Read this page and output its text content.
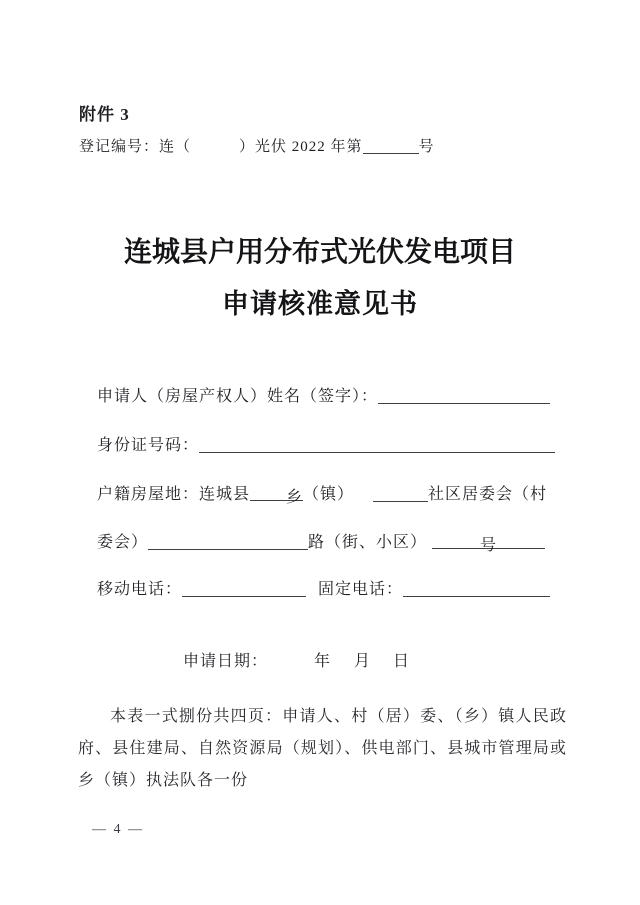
附件 3
登记编号：连（	）光伏 2022 年第	号
连城县户用分布式光伏发电项目
申请核准意见书
申请人（房屋产权人）姓名（签字）：
身份证号码：
户籍房屋地：连城县 乡（镇）	社区居委会（村
委会）	路（街、小区）	号
移动电话：	固定电话：
申请日期：	年 月 日
本表一式捌份共四页：申请人、村（居）委、（乡）镇人民政府、县住建局、自然资源局（规划）、供电部门、县城市管理局或乡（镇）执法队各一份
— 4 —
